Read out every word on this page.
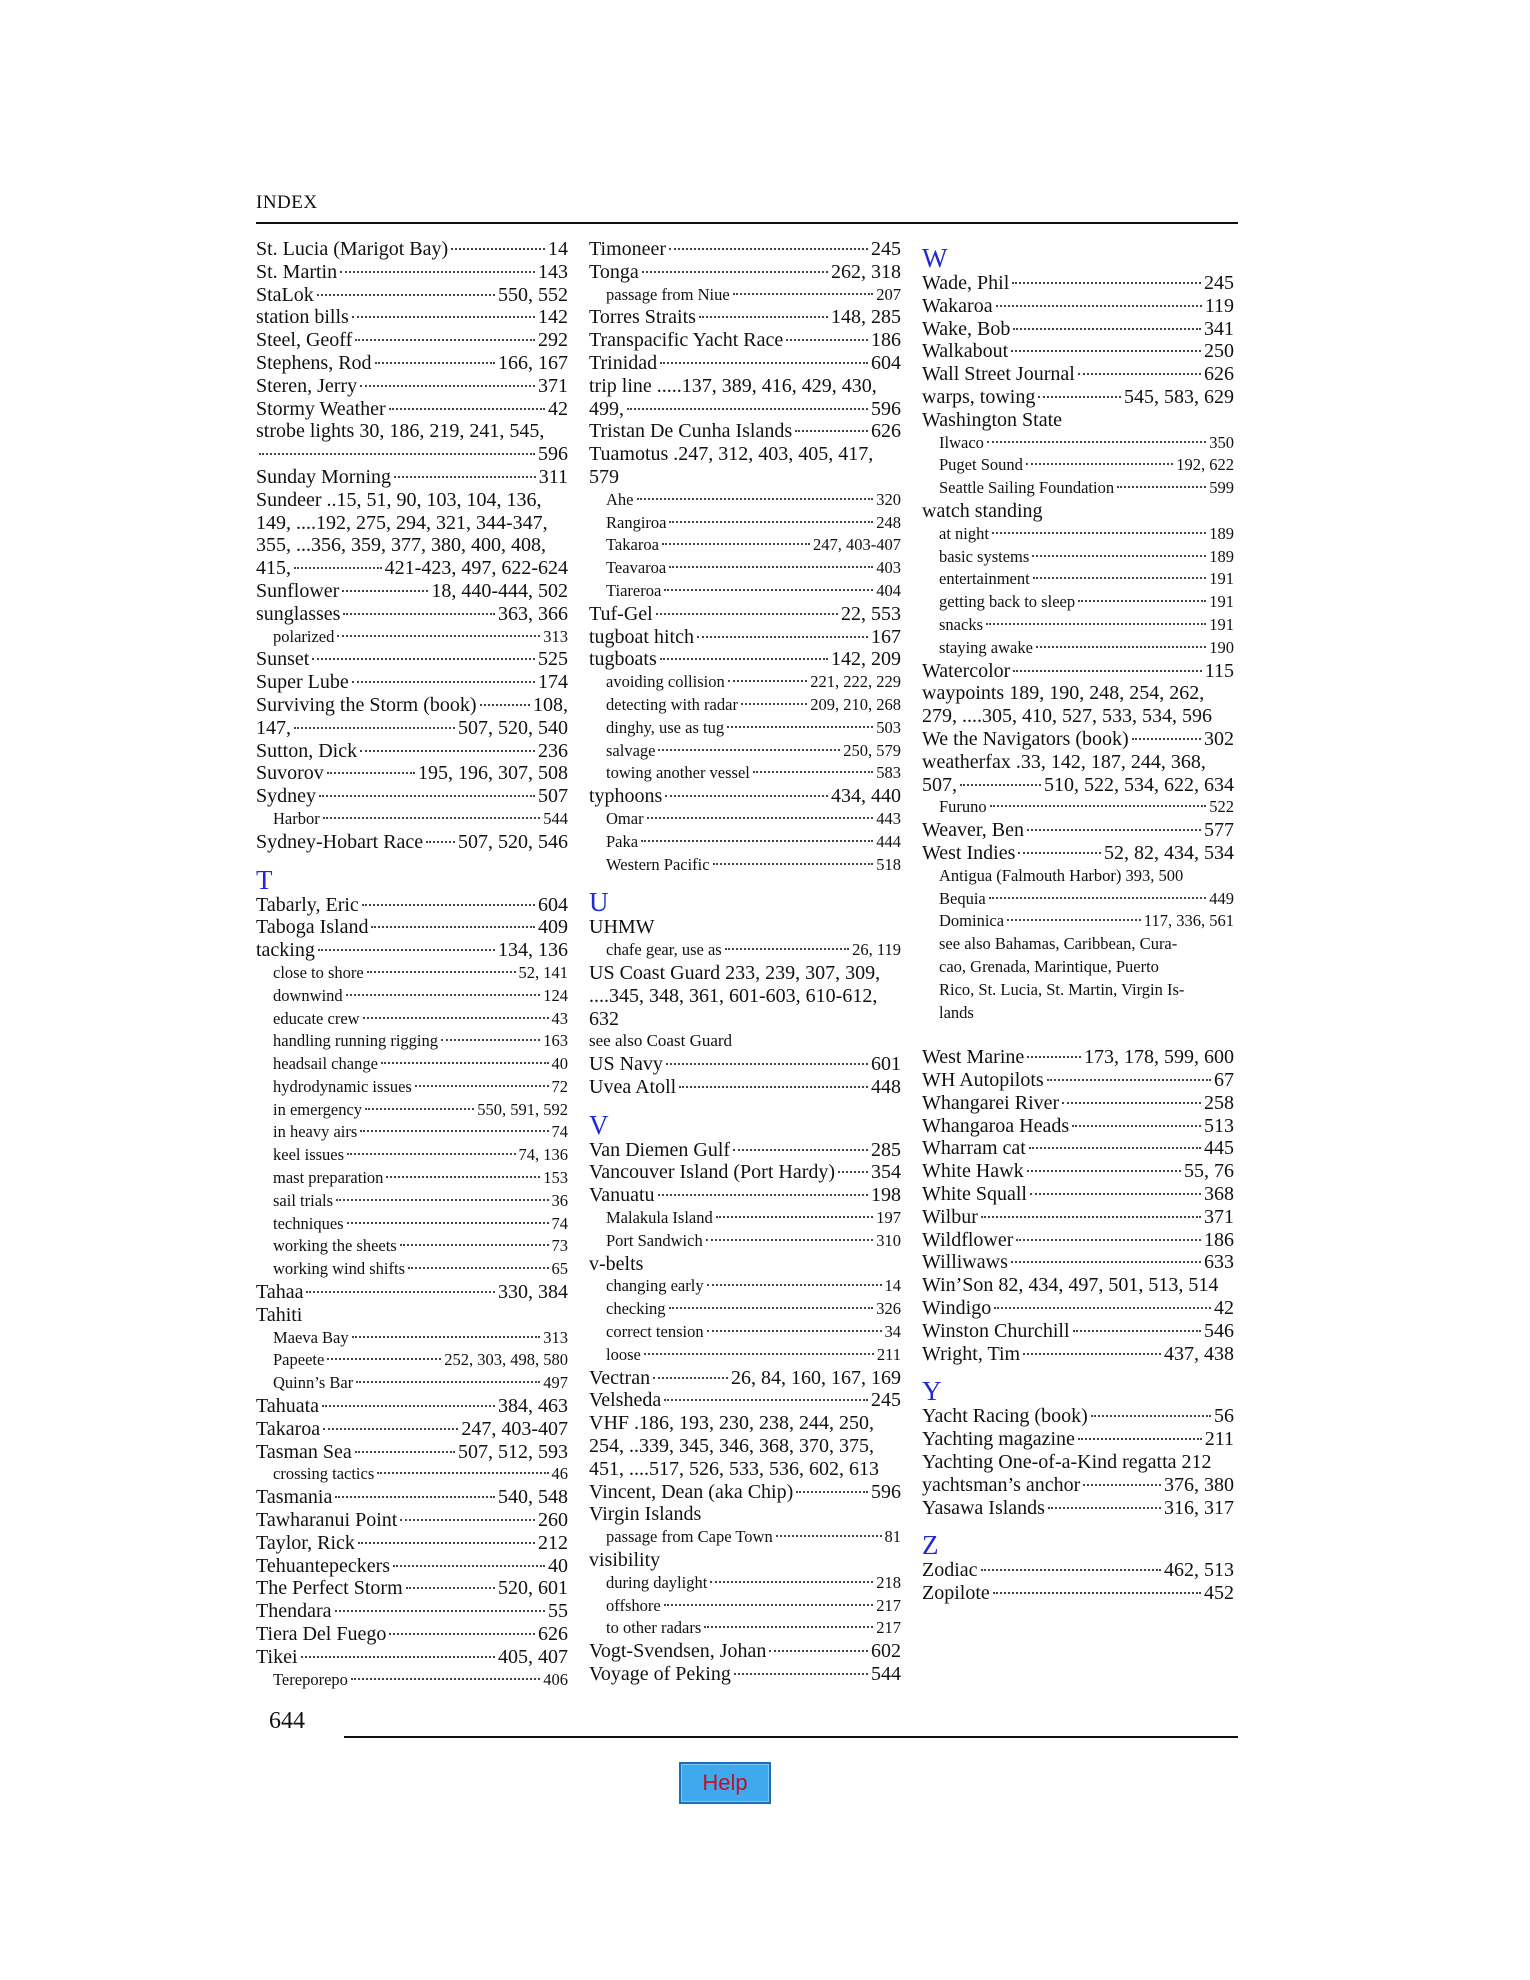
INDEX
St. Lucia (Marigot Bay)	14
St. Martin	143
StaLok	550, 552
station bills	142
Steel, Geoff	292
Stephens, Rod	166, 167
Steren, Jerry	371
Stormy Weather	42
strobe lights 30, 186, 219, 241, 545,
596
Sunday Morning	311
Sundeer ..15, 51, 90, 103, 104, 136,
149, ....192, 275, 294, 321, 344-347,
355, ...356, 359, 377, 380, 400, 408,
415,	421-423, 497, 622-624
Sunflower	18, 440-444, 502
sunglasses	363, 366
polarized	313
Sunset	525
Super Lube	174
Surviving the Storm (book)	108,
147,	507, 520, 540
Sutton, Dick	236
Suvorov	195, 196, 307, 508
Sydney	507
Harbor	544
Sydney-Hobart Race 507, 520, 546
T
Tabarly, Eric	604
Taboga Island	409
tacking	134, 136
close to shore	52, 141
downwind	124
educate crew	43
handling running rigging	163
headsail change	40
hydrodynamic issues	72
in emergency	550, 591, 592
in heavy airs	74
keel issues	74, 136
mast preparation	153
sail trials	36
techniques	74
working the sheets	73
working wind shifts	65
Tahaa	330, 384
Tahiti
Maeva Bay	313
Papeete	252, 303, 498, 580
Quinn’s Bar	497
Tahuata	384, 463
Takaroa	247, 403-407
Tasman Sea	507, 512, 593
crossing tactics	46
Tasmania	540, 548
Tawharanui Point	260
Taylor, Rick	212
Tehuantepeckers	40
The Perfect Storm	520, 601
Thendara	55
Tiera Del Fuego	626
Tikei	405, 407
Tereporepo	406
Timoneer	245
Tonga	262, 318
passage from Niue	207
Torres Straits	148, 285
Transpacific Yacht Race	186
Trinidad	604
trip line .....137, 389, 416, 429, 430,
499,	596
Tristan De Cunha Islands	626
Tuamotus .247, 312, 403, 405, 417,
579
Ahe	320
Rangiroa	248
Takaroa	247, 403-407
Teavaroa	403
Tiareroa	404
Tuf-Gel	22, 553
tugboat hitch	167
tugboats	142, 209
avoiding collision	221, 222, 229
detecting with radar	209, 210, 268
dinghy, use as tug	503
salvage	250, 579
towing another vessel	583
typhoons	434, 440
Omar	443
Paka	444
Western Pacific	518
U
UHMW
chafe gear, use as	26, 119
US Coast Guard 233, 239, 307, 309,
....345, 348, 361, 601-603, 610-612,
632
see also Coast Guard
US Navy	601
Uvea Atoll	448
V
Van Diemen Gulf	285
Vancouver Island (Port Hardy) 354
Vanuatu	198
Malakula Island	197
Port Sandwich	310
v-belts
changing early	14
checking	326
correct tension	34
loose	211
Vectran	26, 84, 160, 167, 169
Velsheda	245
VHF .186, 193, 230, 238, 244, 250,
254, ..339, 345, 346, 368, 370, 375,
451, ....517, 526, 533, 536, 602, 613
Vincent, Dean (aka Chip)	596
Virgin Islands
passage from Cape Town	81
visibility
during daylight	218
offshore	217
to other radars	217
Vogt-Svendsen, Johan	602
Voyage of Peking	544
W
Wade, Phil	245
Wakaroa	119
Wake, Bob	341
Walkabout	250
Wall Street Journal	626
warps, towing	545, 583, 629
Washington State
Ilwaco	350
Puget Sound	192, 622
Seattle Sailing Foundation	599
watch standing
at night	189
basic systems	189
entertainment	191
getting back to sleep	191
snacks	191
staying awake	190
Watercolor	115
waypoints 189, 190, 248, 254, 262,
279, ....305, 410, 527, 533, 534, 596
We the Navigators (book)	302
weatherfax .33, 142, 187, 244, 368,
507,	510, 522, 534, 622, 634
Furuno	522
Weaver, Ben	577
West Indies	52, 82, 434, 534
Antigua (Falmouth Harbor) 393, 500
Bequia	449
Dominica	117, 336, 561
see also Bahamas, Caribbean, Cura-
cao, Grenada, Marintique, Puerto
Rico, St. Lucia, St. Martin, Virgin Is-
lands
West Marine	173, 178, 599, 600
WH Autopilots	67
Whangarei River	258
Whangaroa Heads	513
Wharram cat	445
White Hawk	55, 76
White Squall	368
Wilbur	371
Wildflower	186
Williwaws	633
Win’Son 82, 434, 497, 501, 513, 514
Windigo	42
Winston Churchill	546
Wright, Tim	437, 438
Y
Yacht Racing (book)	56
Yachting magazine	211
Yachting One-of-a-Kind regatta 212
yachtsman’s anchor	376, 380
Yasawa Islands	316, 317
Z
Zodiac	462, 513
Zopilote	452
644
Help
